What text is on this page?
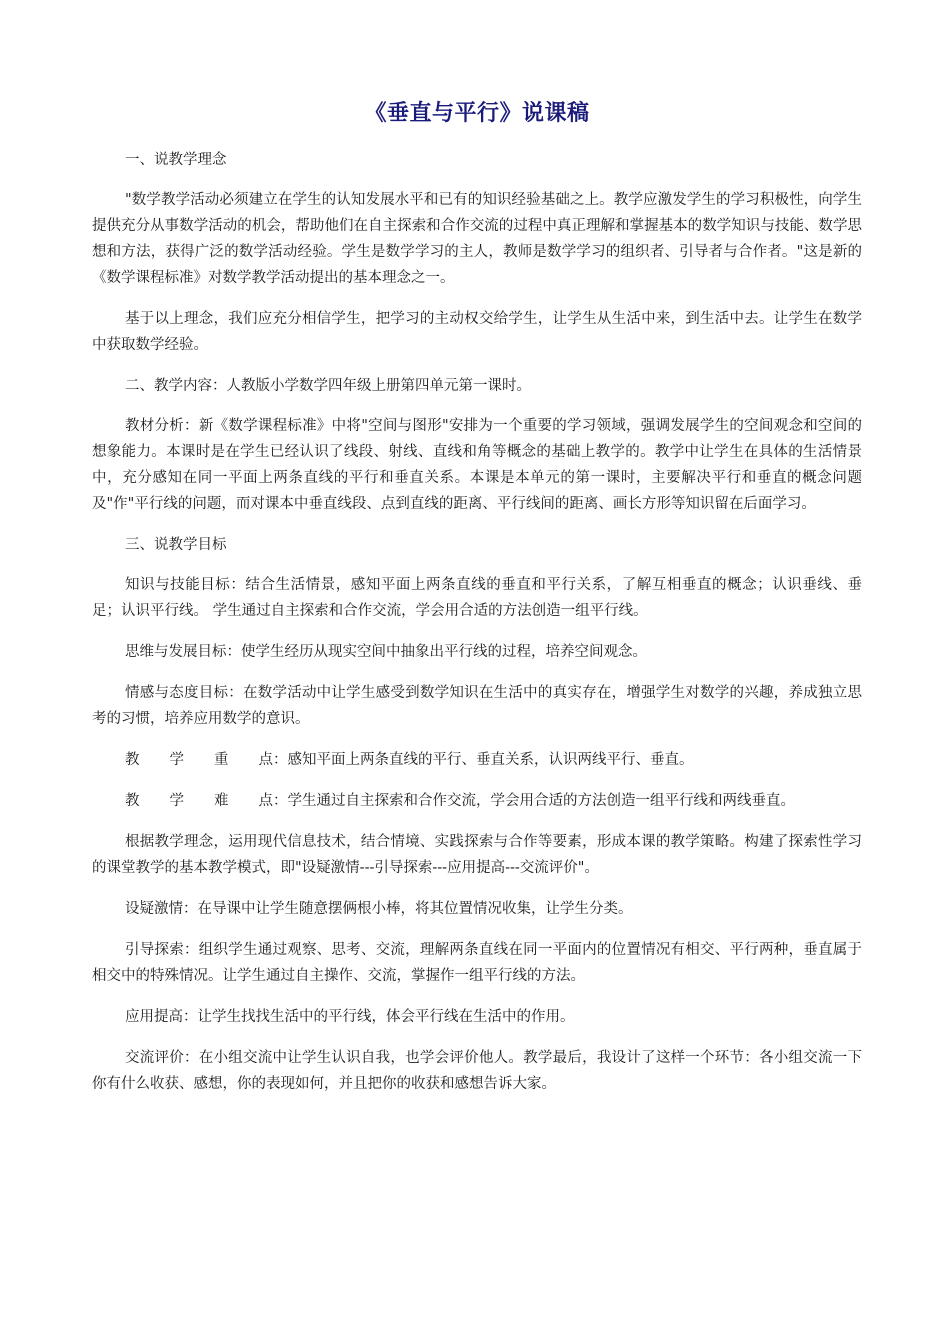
《垂直与平行》说课稿

一、说教学理念

"数学教学活动必须建立在学生的认知发展水平和已有的知识经验基础之上。教学应激发学生的学习积极性，向学生提供充分从事数学活动的机会，帮助他们在自主探索和合作交流的过程中真正理解和掌握基本的数学知识与技能、数学思想和方法，获得广泛的数学活动经验。学生是数学学习的主人，教师是数学学习的组织者、引导者与合作者。"这是新的《数学课程标准》对数学教学活动提出的基本理念之一。

基于以上理念，我们应充分相信学生，把学习的主动权交给学生，让学生从生活中来，到生活中去。让学生在数学中获取数学经验。

二、教学内容：人教版小学数学四年级上册第四单元第一课时。

教材分析：新《数学课程标准》中将"空间与图形"安排为一个重要的学习领域，强调发展学生的空间观念和空间的想象能力。本课时是在学生已经认识了线段、射线、直线和角等概念的基础上教学的。教学中让学生在具体的生活情景中，充分感知在同一平面上两条直线的平行和垂直关系。本课是本单元的第一课时，主要解决平行和垂直的概念问题及"作"平行线的问题，而对课本中垂直线段、点到直线的距离、平行线间的距离、画长方形等知识留在后面学习。

三、说教学目标

知识与技能目标：结合生活情景，感知平面上两条直线的垂直和平行关系，了解互相垂直的概念；认识垂线、垂足；认识平行线。 学生通过自主探索和合作交流，学会用合适的方法创造一组平行线。

思维与发展目标：使学生经历从现实空间中抽象出平行线的过程，培养空间观念。

情感与态度目标：在数学活动中让学生感受到数学知识在生活中的真实存在，增强学生对数学的兴趣，养成独立思考的习惯，培养应用数学的意识。

教学重点：感知平面上两条直线的平行、垂直关系，认识两线平行、垂直。

教学难点：学生通过自主探索和合作交流，学会用合适的方法创造一组平行线和两线垂直。

根据教学理念，运用现代信息技术，结合情境、实践探索与合作等要素，形成本课的教学策略。构建了探索性学习的课堂教学的基本教学模式，即"设疑激情---引导探索---应用提高---交流评价"。

设疑激情：在导课中让学生随意摆俩根小棒，将其位置情况收集，让学生分类。

引导探索：组织学生通过观察、思考、交流，理解两条直线在同一平面内的位置情况有相交、平行两种，垂直属于相交中的特殊情况。让学生通过自主操作、交流，掌握作一组平行线的方法。

应用提高：让学生找找生活中的平行线，体会平行线在生活中的作用。

交流评价：在小组交流中让学生认识自我，也学会评价他人。教学最后，我设计了这样一个环节：各小组交流一下你有什么收获、感想，你的表现如何，并且把你的收获和感想告诉大家。
